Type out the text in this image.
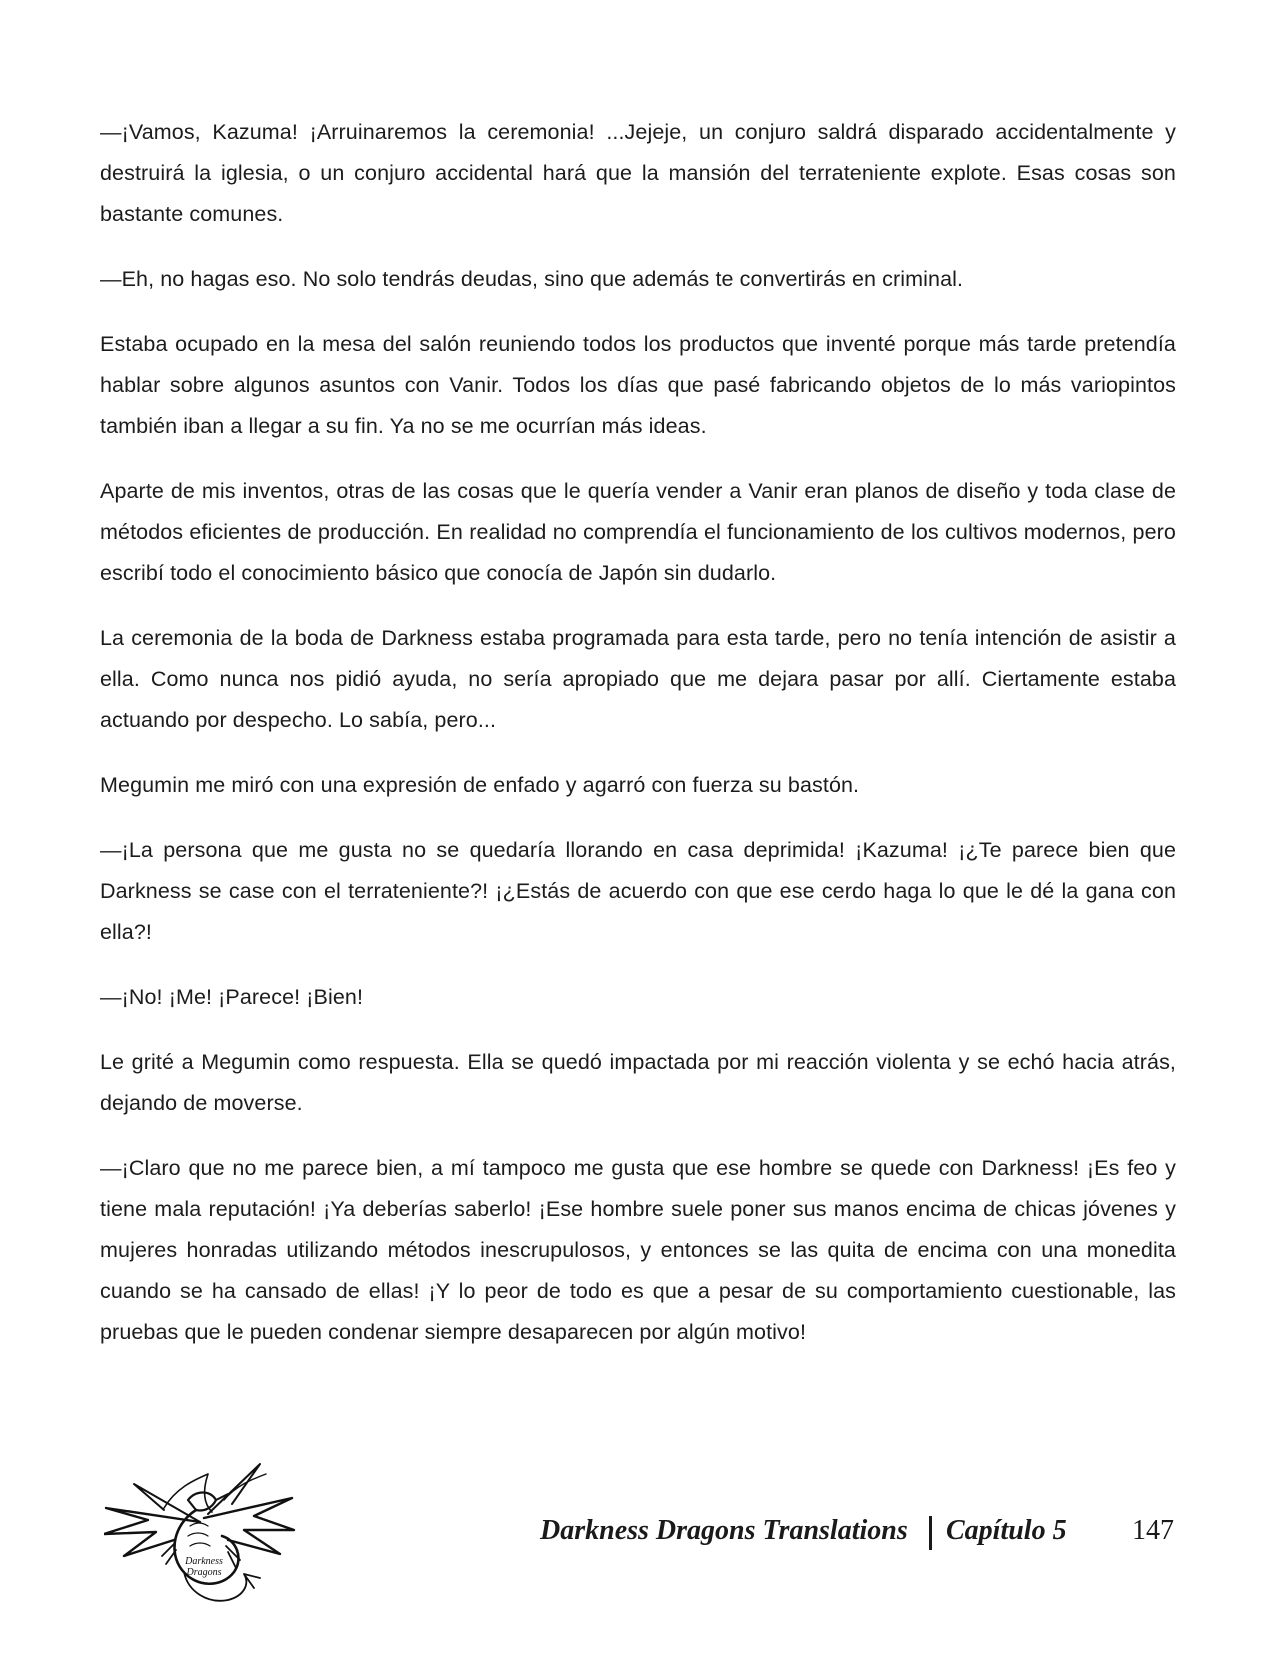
—¡Vamos, Kazuma! ¡Arruinaremos la ceremonia! ...Jejeje, un conjuro saldrá disparado accidentalmente y destruirá la iglesia, o un conjuro accidental hará que la mansión del terrateniente explote. Esas cosas son bastante comunes.

—Eh, no hagas eso. No solo tendrás deudas, sino que además te convertirás en criminal.

Estaba ocupado en la mesa del salón reuniendo todos los productos que inventé porque más tarde pretendía hablar sobre algunos asuntos con Vanir. Todos los días que pasé fabricando objetos de lo más variopintos también iban a llegar a su fin. Ya no se me ocurrían más ideas.

Aparte de mis inventos, otras de las cosas que le quería vender a Vanir eran planos de diseño y toda clase de métodos eficientes de producción. En realidad no comprendía el funcionamiento de los cultivos modernos, pero escribí todo el conocimiento básico que conocía de Japón sin dudarlo.

La ceremonia de la boda de Darkness estaba programada para esta tarde, pero no tenía intención de asistir a ella. Como nunca nos pidió ayuda, no sería apropiado que me dejara pasar por allí. Ciertamente estaba actuando por despecho. Lo sabía, pero...

Megumin me miró con una expresión de enfado y agarró con fuerza su bastón.

—¡La persona que me gusta no se quedaría llorando en casa deprimida! ¡Kazuma! ¡¿Te parece bien que Darkness se case con el terrateniente?! ¡¿Estás de acuerdo con que ese cerdo haga lo que le dé la gana con ella?!

—¡No! ¡Me! ¡Parece! ¡Bien!

Le grité a Megumin como respuesta. Ella se quedó impactada por mi reacción violenta y se echó hacia atrás, dejando de moverse.

—¡Claro que no me parece bien, a mí tampoco me gusta que ese hombre se quede con Darkness! ¡Es feo y tiene mala reputación! ¡Ya deberías saberlo! ¡Ese hombre suele poner sus manos encima de chicas jóvenes y mujeres honradas utilizando métodos inescrupulosos, y entonces se las quita de encima con una monedita cuando se ha cansado de ellas! ¡Y lo peor de todo es que a pesar de su comportamiento cuestionable, las pruebas que le pueden condenar siempre desaparecen por algún motivo!

Darkness
Dragons
Darkness Dragons Translations Capítulo 5 147
